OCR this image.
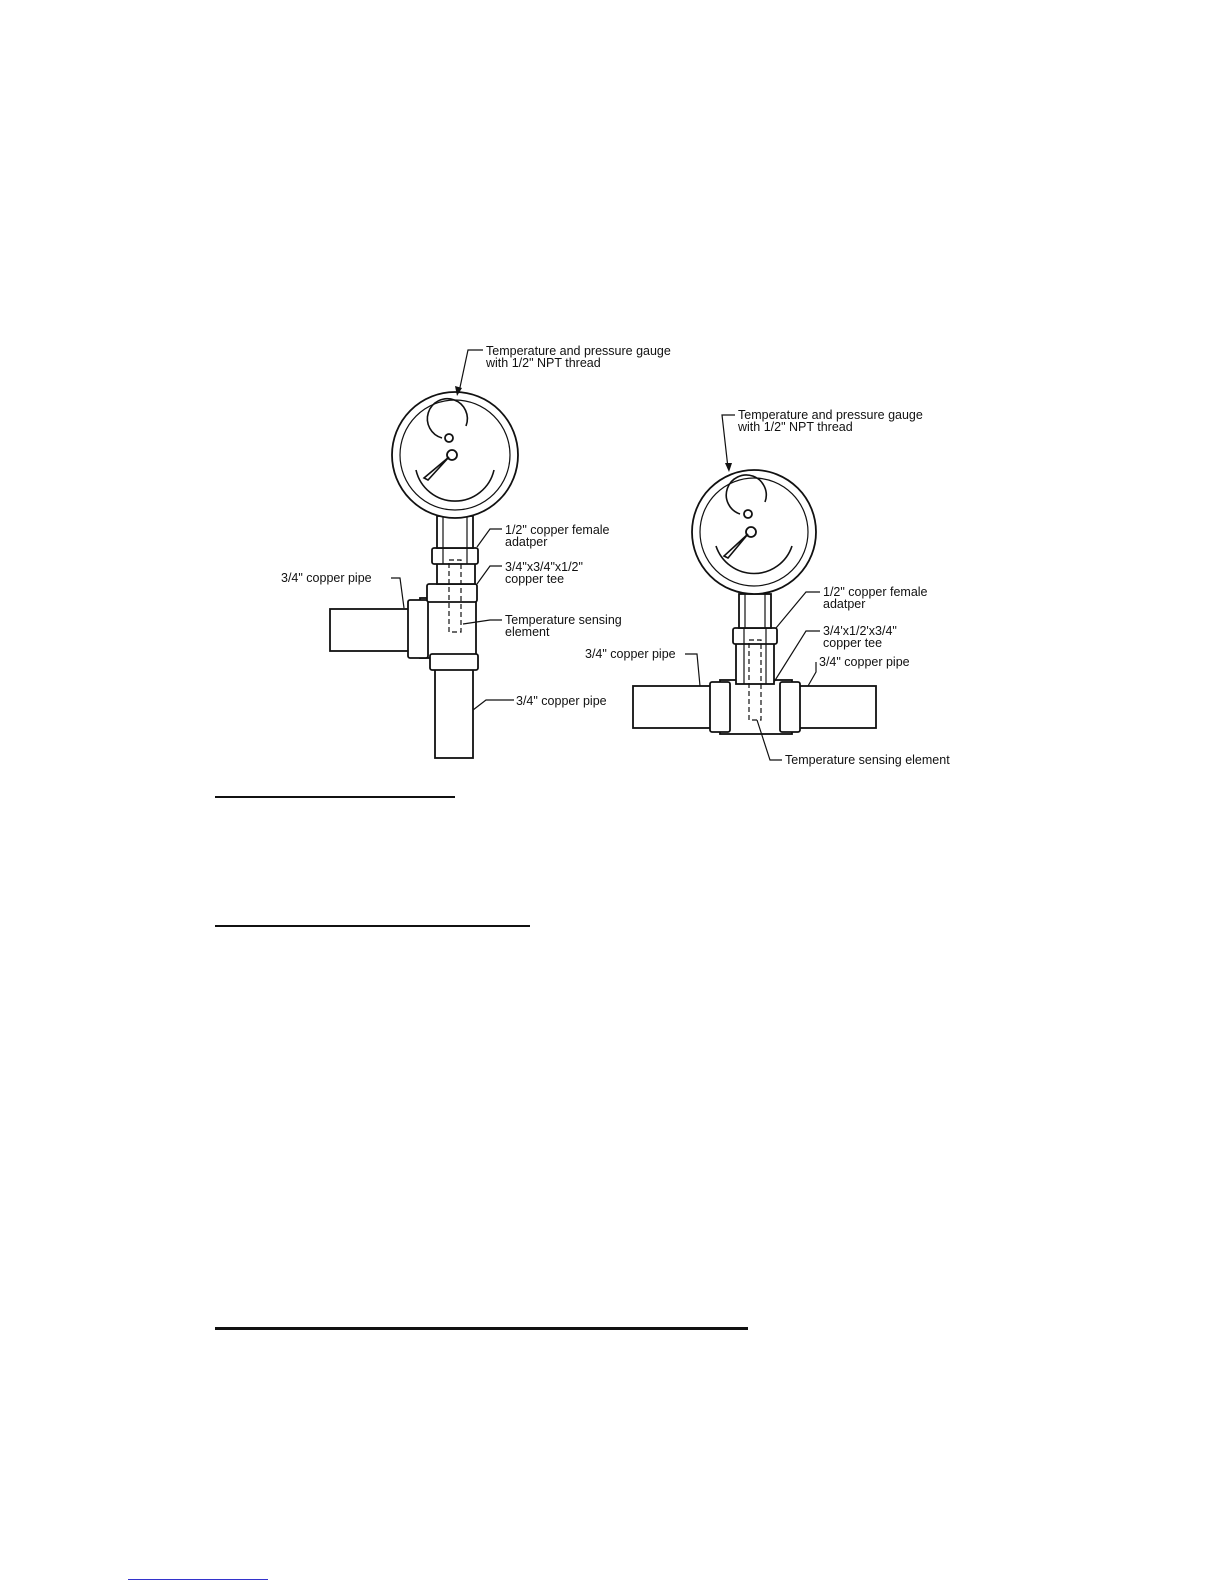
Temperature and pressure gauge
with 1/2" NPT thread
1/2" copper female
adatper
3/4"x3/4"x1/2"
copper tee
Temperature sensing
element
3/4" copper pipe
3/4" copper pipe
Temperature and pressure gauge
with 1/2" NPT thread
1/2" copper female
adatper
3/4'x1/2'x3/4"
copper tee
3/4" copper pipe
3/4" copper pipe
Temperature sensing element
